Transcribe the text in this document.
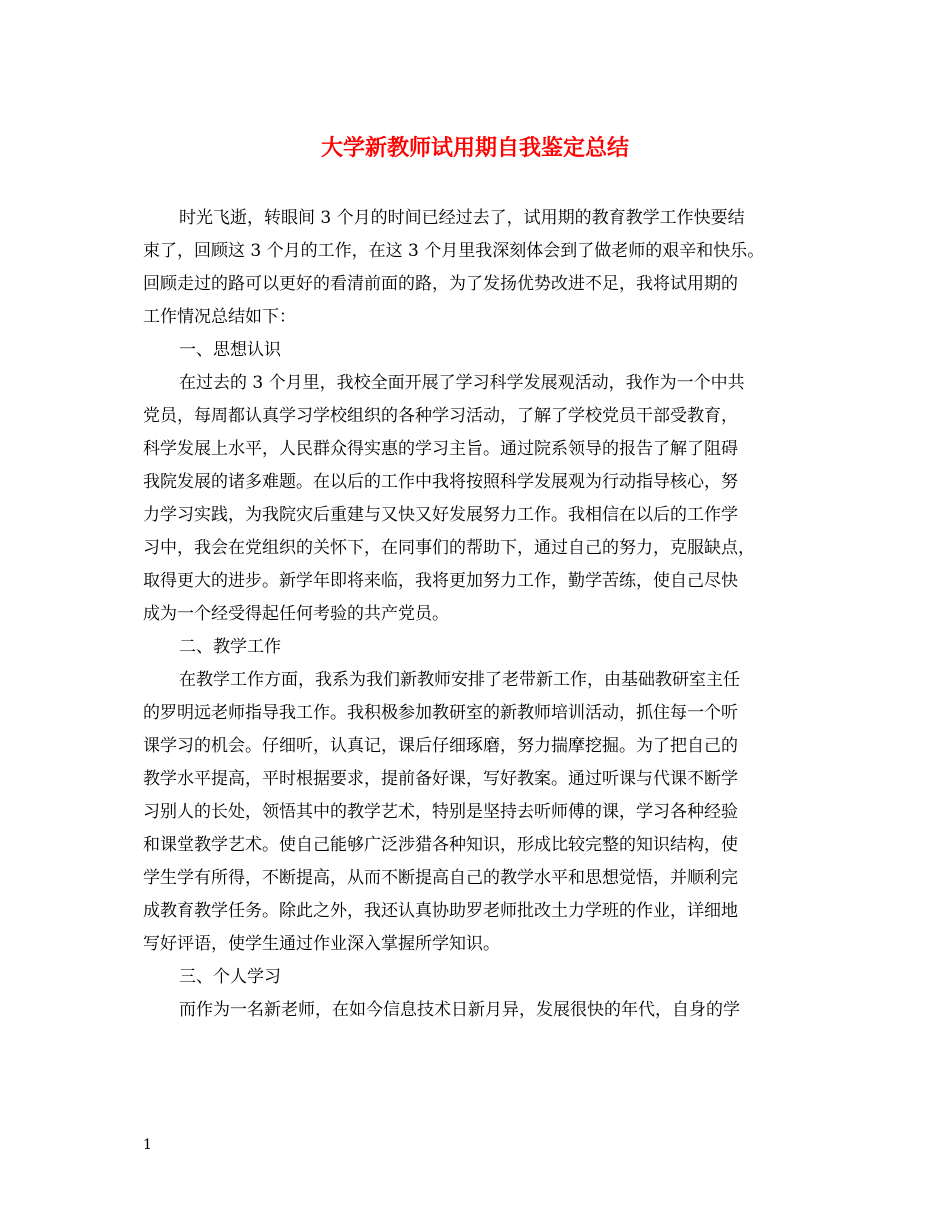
大学新教师试用期自我鉴定总结
时光飞逝，转眼间 3 个月的时间已经过去了，试用期的教育教学工作快要结
束了，回顾这 3 个月的工作，在这 3 个月里我深刻体会到了做老师的艰辛和快乐。
回顾走过的路可以更好的看清前面的路，为了发扬优势改进不足，我将试用期的
工作情况总结如下：
一、思想认识
在过去的 3 个月里，我校全面开展了学习科学发展观活动，我作为一个中共
党员，每周都认真学习学校组织的各种学习活动，了解了学校党员干部受教育，
科学发展上水平，人民群众得实惠的学习主旨。通过院系领导的报告了解了阻碍
我院发展的诸多难题。在以后的工作中我将按照科学发展观为行动指导核心，努
力学习实践，为我院灾后重建与又快又好发展努力工作。我相信在以后的工作学
习中，我会在党组织的关怀下，在同事们的帮助下，通过自己的努力，克服缺点，
取得更大的进步。新学年即将来临，我将更加努力工作，勤学苦练，使自己尽快
成为一个经受得起任何考验的共产党员。
二、教学工作
在教学工作方面，我系为我们新教师安排了老带新工作，由基础教研室主任
的罗明远老师指导我工作。我积极参加教研室的新教师培训活动，抓住每一个听
课学习的机会。仔细听，认真记，课后仔细琢磨，努力揣摩挖掘。为了把自己的
教学水平提高，平时根据要求，提前备好课，写好教案。通过听课与代课不断学
习别人的长处，领悟其中的教学艺术，特别是坚持去听师傅的课，学习各种经验
和课堂教学艺术。使自己能够广泛涉猎各种知识，形成比较完整的知识结构，使
学生学有所得，不断提高，从而不断提高自己的教学水平和思想觉悟，并顺利完
成教育教学任务。除此之外，我还认真协助罗老师批改土力学班的作业，详细地
写好评语，使学生通过作业深入掌握所学知识。
三、个人学习
而作为一名新老师，在如今信息技术日新月异，发展很快的年代，自身的学
1
